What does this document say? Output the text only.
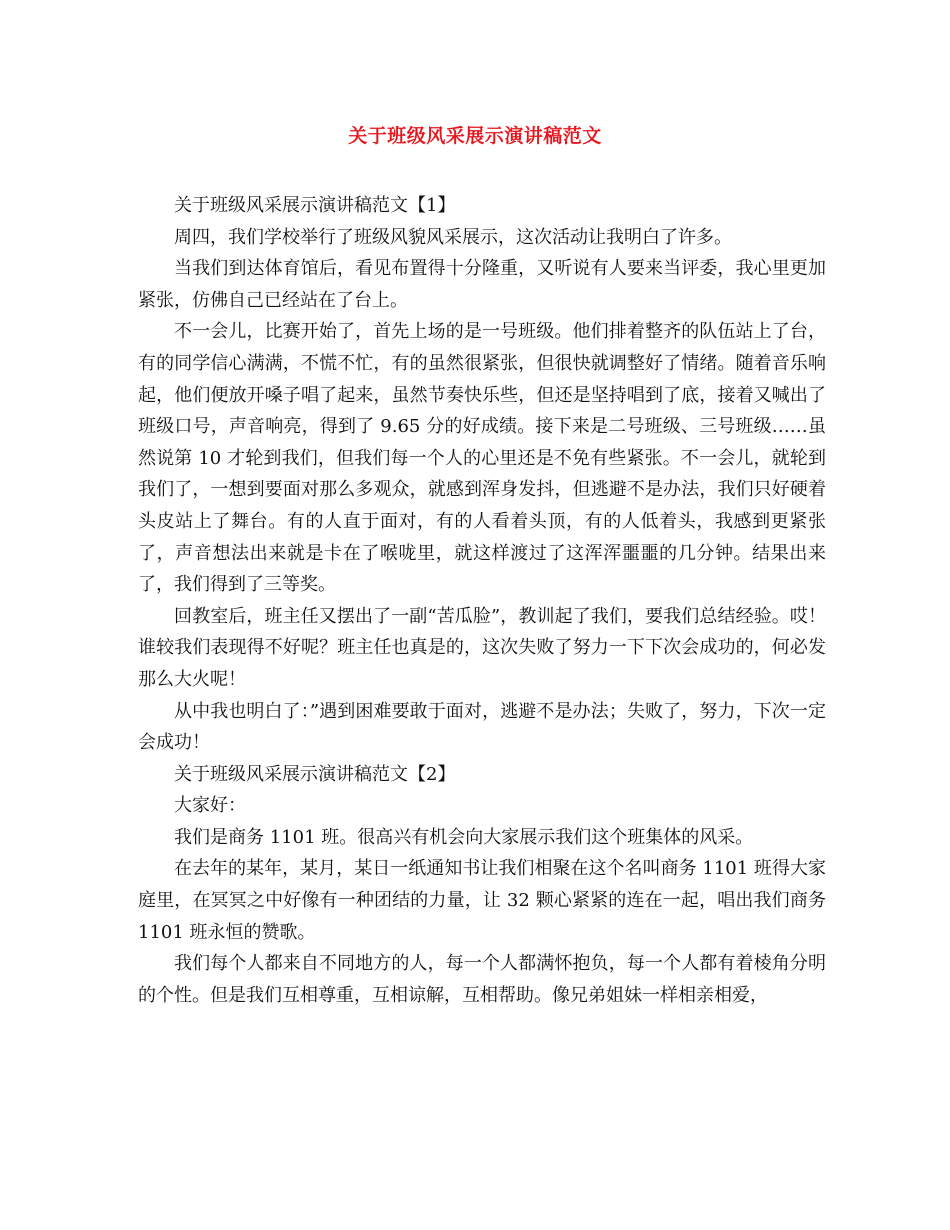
关于班级风采展示演讲稿范文

关于班级风采展示演讲稿范文【1】

周四，我们学校举行了班级风貌风采展示，这次活动让我明白了许多。

当我们到达体育馆后，看见布置得十分隆重，又听说有人要来当评委，我心里更加紧张，仿佛自己已经站在了台上。

不一会儿，比赛开始了，首先上场的是一号班级。他们排着整齐的队伍站上了台，有的同学信心满满，不慌不忙，有的虽然很紧张，但很快就调整好了情绪。随着音乐响起，他们便放开嗓子唱了起来，虽然节奏快乐些，但还是坚持唱到了底，接着又喊出了班级口号，声音响亮，得到了 9.65 分的好成绩。接下来是二号班级、三号班级……虽然说第 10 才轮到我们，但我们每一个人的心里还是不免有些紧张。不一会儿，就轮到我们了，一想到要面对那么多观众，就感到浑身发抖，但逃避不是办法，我们只好硬着头皮站上了舞台。有的人直于面对，有的人看着头顶，有的人低着头，我感到更紧张了，声音想法出来就是卡在了喉咙里，就这样渡过了这浑浑噩噩的几分钟。结果出来了，我们得到了三等奖。

回教室后，班主任又摆出了一副“苦瓜脸”，教训起了我们，要我们总结经验。哎！谁较我们表现得不好呢？班主任也真是的，这次失败了努力一下下次会成功的，何必发那么大火呢！

从中我也明白了：”遇到困难要敢于面对，逃避不是办法；失败了，努力，下次一定会成功！

关于班级风采展示演讲稿范文【2】

大家好：

我们是商务 1101 班。很高兴有机会向大家展示我们这个班集体的风采。

在去年的某年，某月，某日一纸通知书让我们相聚在这个名叫商务 1101 班得大家庭里，在冥冥之中好像有一种团结的力量，让 32 颗心紧紧的连在一起，唱出我们商务 1101 班永恒的赞歌。

我们每个人都来自不同地方的人，每一个人都满怀抱负，每一个人都有着棱角分明的个性。但是我们互相尊重，互相谅解，互相帮助。像兄弟姐妹一样相亲相爱，
